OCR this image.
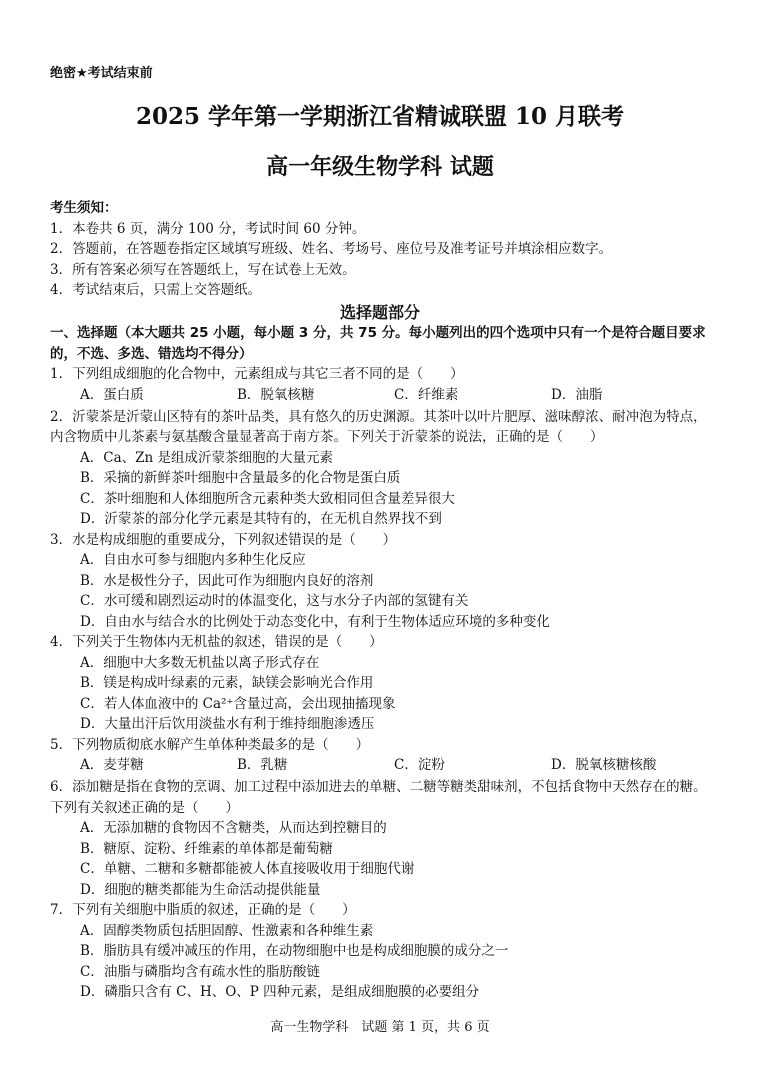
绝密★考试结束前
2025 学年第一学期浙江省精诚联盟 10 月联考
高一年级生物学科 试题
考生须知：
1．本卷共 6 页，满分 100 分，考试时间 60 分钟。
2．答题前，在答题卷指定区域填写班级、姓名、考场号、座位号及准考证号并填涂相应数字。
3．所有答案必须写在答题纸上，写在试卷上无效。
4．考试结束后，只需上交答题纸。
选择题部分
一、选择题（本大题共 25 小题，每小题 3 分，共 75 分。每小题列出的四个选项中只有一个是符合题目要求的，不选、多选、错选均不得分）
1．下列组成细胞的化合物中，元素组成与其它三者不同的是（　　）
A．蛋白质	B．脱氧核糖	C．纤维素	D．油脂
2．沂蒙茶是沂蒙山区特有的茶叶品类，具有悠久的历史渊源。其茶叶以叶片肥厚、滋味醇浓、耐冲泡为特点，内含物质中儿茶素与氨基酸含量显著高于南方茶。下列关于沂蒙茶的说法，正确的是（　　）
A．Ca、Zn 是组成沂蒙茶细胞的大量元素
B．采摘的新鲜茶叶细胞中含量最多的化合物是蛋白质
C．茶叶细胞和人体细胞所含元素种类大致相同但含量差异很大
D．沂蒙茶的部分化学元素是其特有的，在无机自然界找不到
3．水是构成细胞的重要成分，下列叙述错误的是（　　）
A．自由水可参与细胞内多种生化反应
B．水是极性分子，因此可作为细胞内良好的溶剂
C．水可缓和剧烈运动时的体温变化，这与水分子内部的氢键有关
D．自由水与结合水的比例处于动态变化中，有利于生物体适应环境的多种变化
4．下列关于生物体内无机盐的叙述，错误的是（　　）
A．细胞中大多数无机盐以离子形式存在
B．镁是构成叶绿素的元素，缺镁会影响光合作用
C．若人体血液中的 Ca²⁺含量过高，会出现抽搐现象
D．大量出汗后饮用淡盐水有利于维持细胞渗透压
5．下列物质彻底水解产生单体种类最多的是（　　）
A．麦芽糖	B．乳糖	C．淀粉	D．脱氧核糖核酸
6．添加糖是指在食物的烹调、加工过程中添加进去的单糖、二糖等糖类甜味剂，不包括食物中天然存在的糖。下列有关叙述正确的是（　　）
A．无添加糖的食物因不含糖类，从而达到控糖目的
B．糖原、淀粉、纤维素的单体都是葡萄糖
C．单糖、二糖和多糖都能被人体直接吸收用于细胞代谢
D．细胞的糖类都能为生命活动提供能量
7．下列有关细胞中脂质的叙述，正确的是（　　）
A．固醇类物质包括胆固醇、性激素和各种维生素
B．脂肪具有缓冲减压的作用，在动物细胞中也是构成细胞膜的成分之一
C．油脂与磷脂均含有疏水性的脂肪酸链
D．磷脂只含有 C、H、O、P 四种元素，是组成细胞膜的必要组分
高一生物学科　试题 第 1 页，共 6 页
